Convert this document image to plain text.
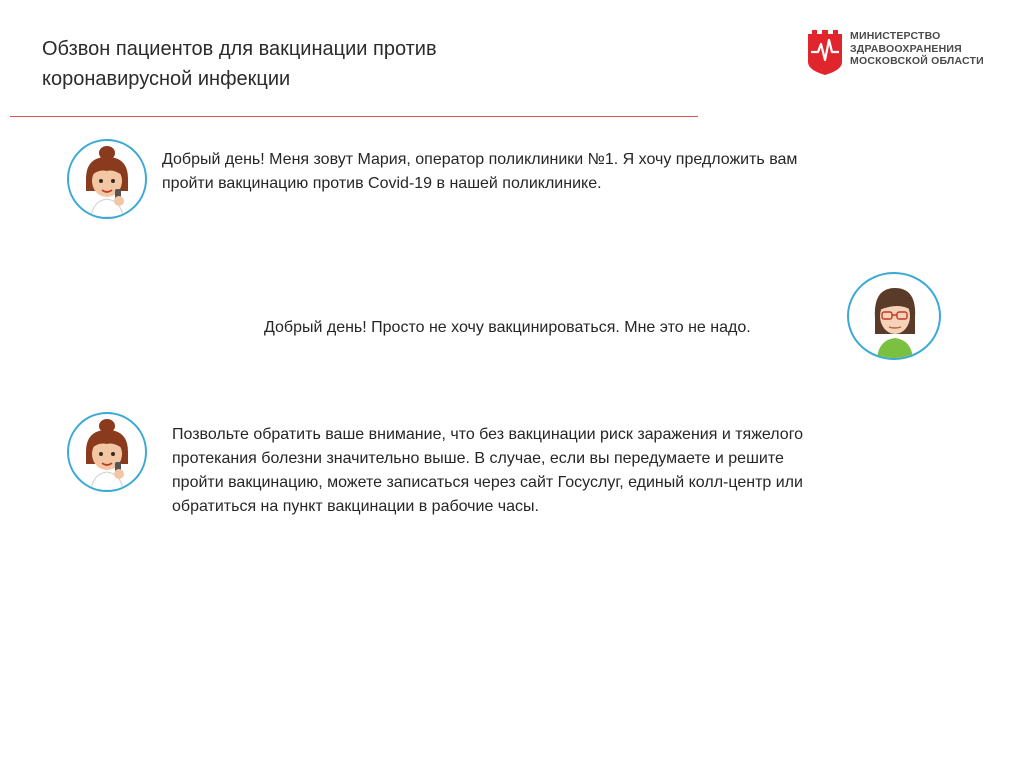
Обзвон пациентов для вакцинации против
коронавирусной инфекции
МИНИСТЕРСТВО
ЗДРАВООХРАНЕНИЯ
МОСКОВСКОЙ ОБЛАСТИ
Добрый день! Меня зовут Мария, оператор поликлиники №1. Я хочу предложить вам пройти вакцинацию против Covid-19 в нашей поликлинике.
Добрый день! Просто не хочу вакцинироваться. Мне это не надо.
Позвольте обратить ваше внимание, что без вакцинации риск заражения и тяжелого протекания болезни значительно выше. В случае, если вы передумаете и решите пройти вакцинацию, можете записаться через сайт Госуслуг, единый колл-центр или обратиться на пункт вакцинации в рабочие часы.
